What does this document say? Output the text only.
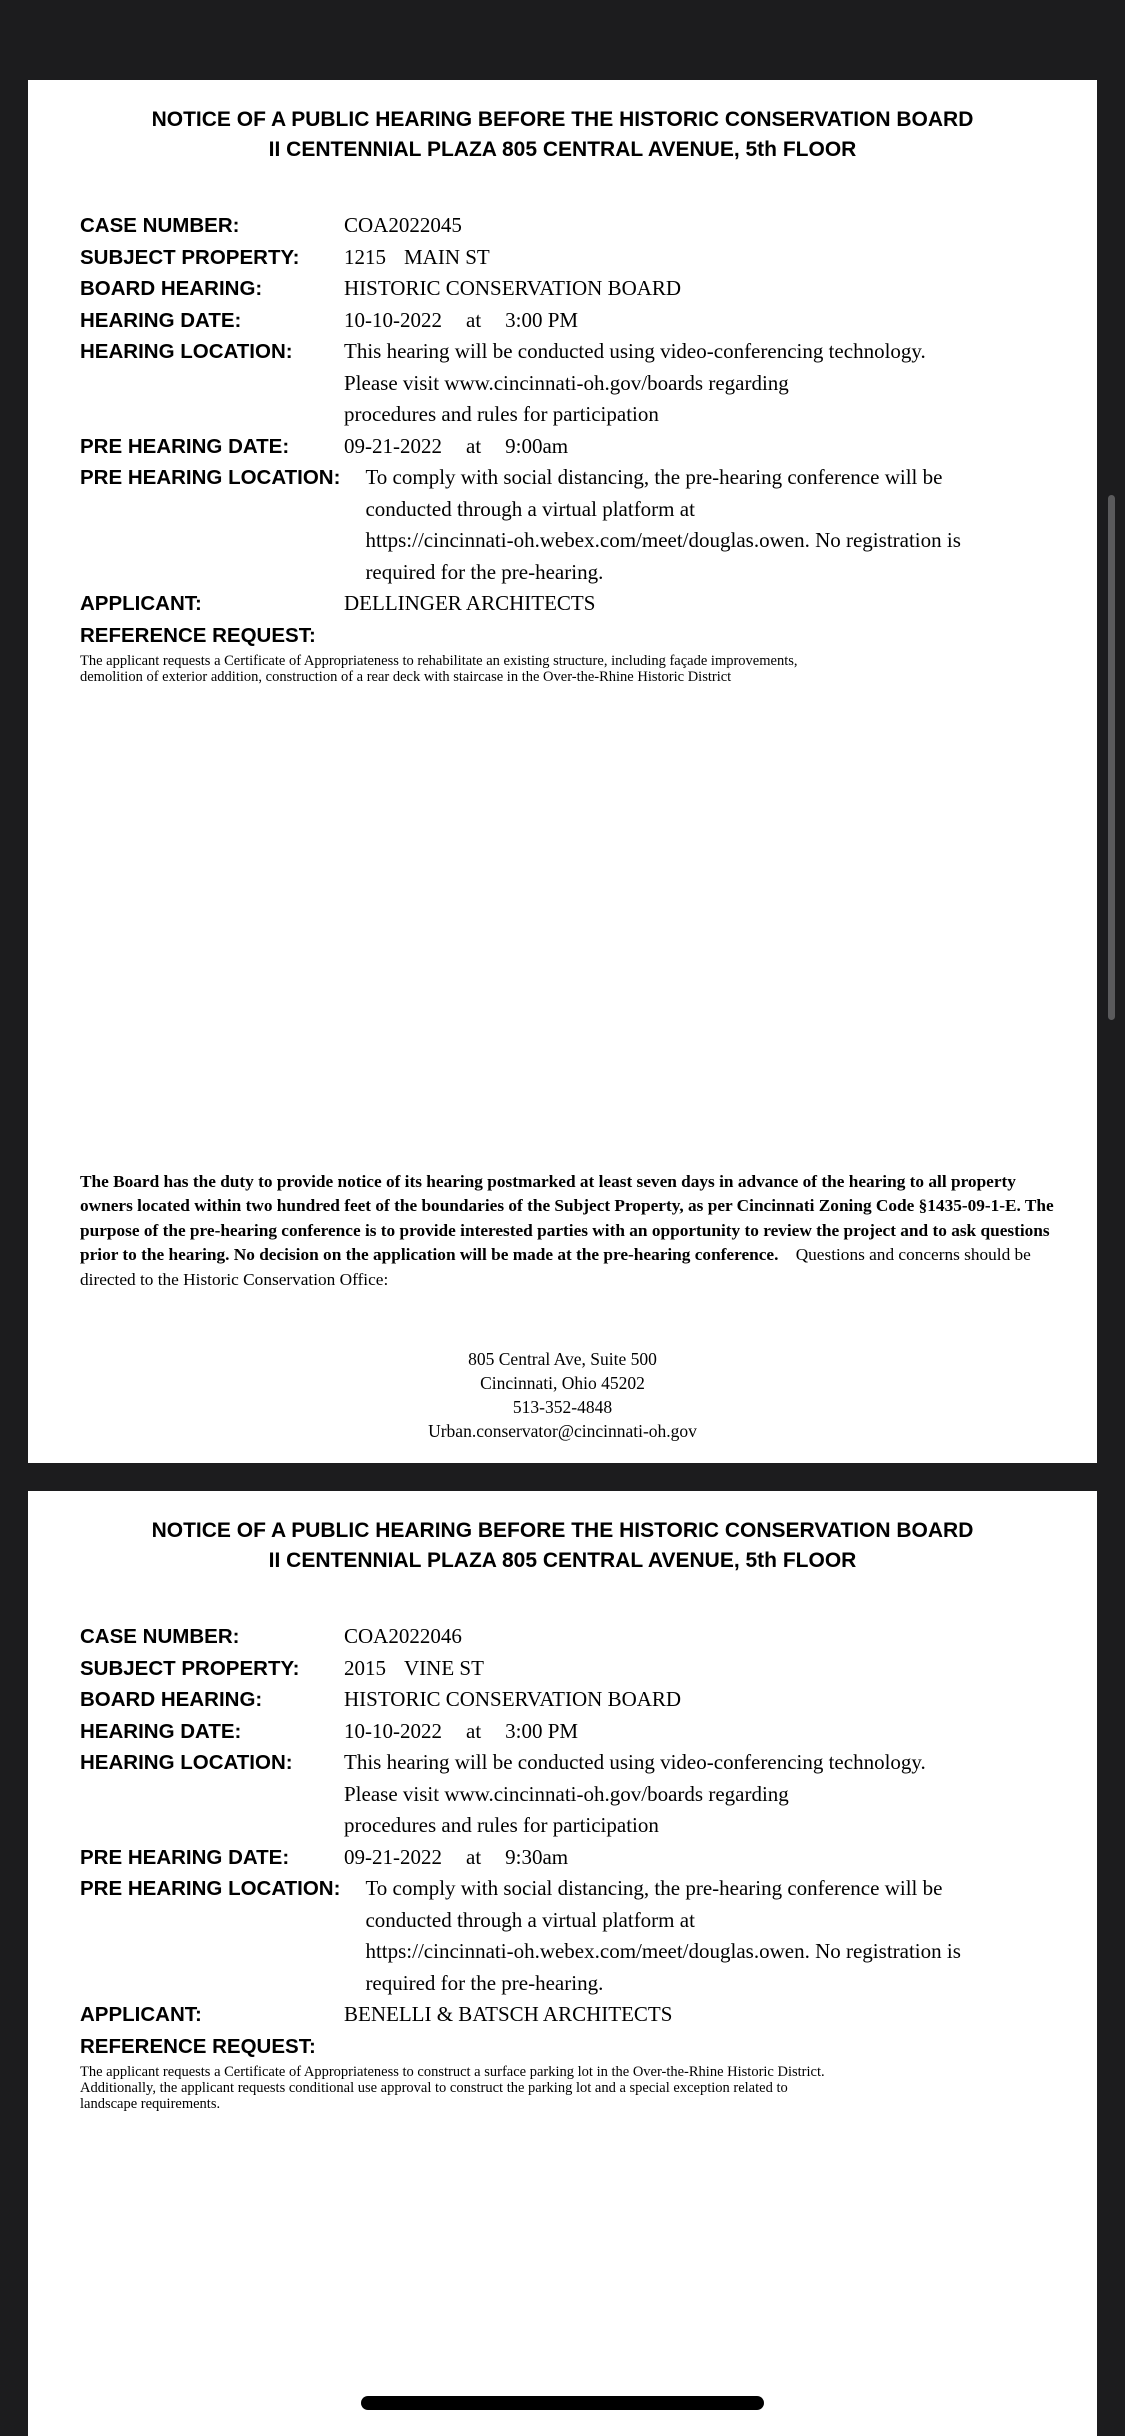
NOTICE OF A PUBLIC HEARING BEFORE THE HISTORIC CONSERVATION BOARD
II CENTENNIAL PLAZA 805 CENTRAL AVENUE, 5th FLOOR
CASE NUMBER:	COA2022045
SUBJECT PROPERTY:	1215 MAIN ST
BOARD HEARING:	HISTORIC CONSERVATION BOARD
HEARING DATE:	10-10-2022 at 3:00 PM
HEARING LOCATION:	This hearing will be conducted using video-conferencing technology.
Please visit www.cincinnati-oh.gov/boards regarding
procedures and rules for participation
PRE HEARING DATE:	09-21-2022 at 9:00am
PRE HEARING LOCATION: To comply with social distancing, the pre-hearing conference will be
conducted through a virtual platform at
https://cincinnati-oh.webex.com/meet/douglas.owen. No registration is
required for the pre-hearing.
APPLICANT:	DELLINGER ARCHITECTS
REFERENCE REQUEST:
The applicant requests a Certificate of Appropriateness to rehabilitate an existing structure, including façade improvements,
demolition of exterior addition, construction of a rear deck with staircase in the Over-the-Rhine Historic District
The Board has the duty to provide notice of its hearing postmarked at least seven days in advance of the hearing to all property owners located within two hundred feet of the boundaries of the Subject Property, as per Cincinnati Zoning Code §1435-09-1-E. The purpose of the pre-hearing conference is to provide interested parties with an opportunity to review the project and to ask questions prior to the hearing. No decision on the application will be made at the pre-hearing conference. Questions and concerns should be directed to the Historic Conservation Office:
805 Central Ave, Suite 500
Cincinnati, Ohio 45202
513-352-4848
Urban.conservator@cincinnati-oh.gov
NOTICE OF A PUBLIC HEARING BEFORE THE HISTORIC CONSERVATION BOARD
II CENTENNIAL PLAZA 805 CENTRAL AVENUE, 5th FLOOR
CASE NUMBER:	COA2022046
SUBJECT PROPERTY:	2015 VINE ST
BOARD HEARING:	HISTORIC CONSERVATION BOARD
HEARING DATE:	10-10-2022 at 3:00 PM
HEARING LOCATION:	This hearing will be conducted using video-conferencing technology.
Please visit www.cincinnati-oh.gov/boards regarding
procedures and rules for participation
PRE HEARING DATE:	09-21-2022 at 9:30am
PRE HEARING LOCATION: To comply with social distancing, the pre-hearing conference will be
conducted through a virtual platform at
https://cincinnati-oh.webex.com/meet/douglas.owen. No registration is
required for the pre-hearing.
APPLICANT:	BENELLI & BATSCH ARCHITECTS
REFERENCE REQUEST:
The applicant requests a Certificate of Appropriateness to construct a surface parking lot in the Over-the-Rhine Historic District.
Additionally, the applicant requests conditional use approval to construct the parking lot and a special exception related to
landscape requirements.
